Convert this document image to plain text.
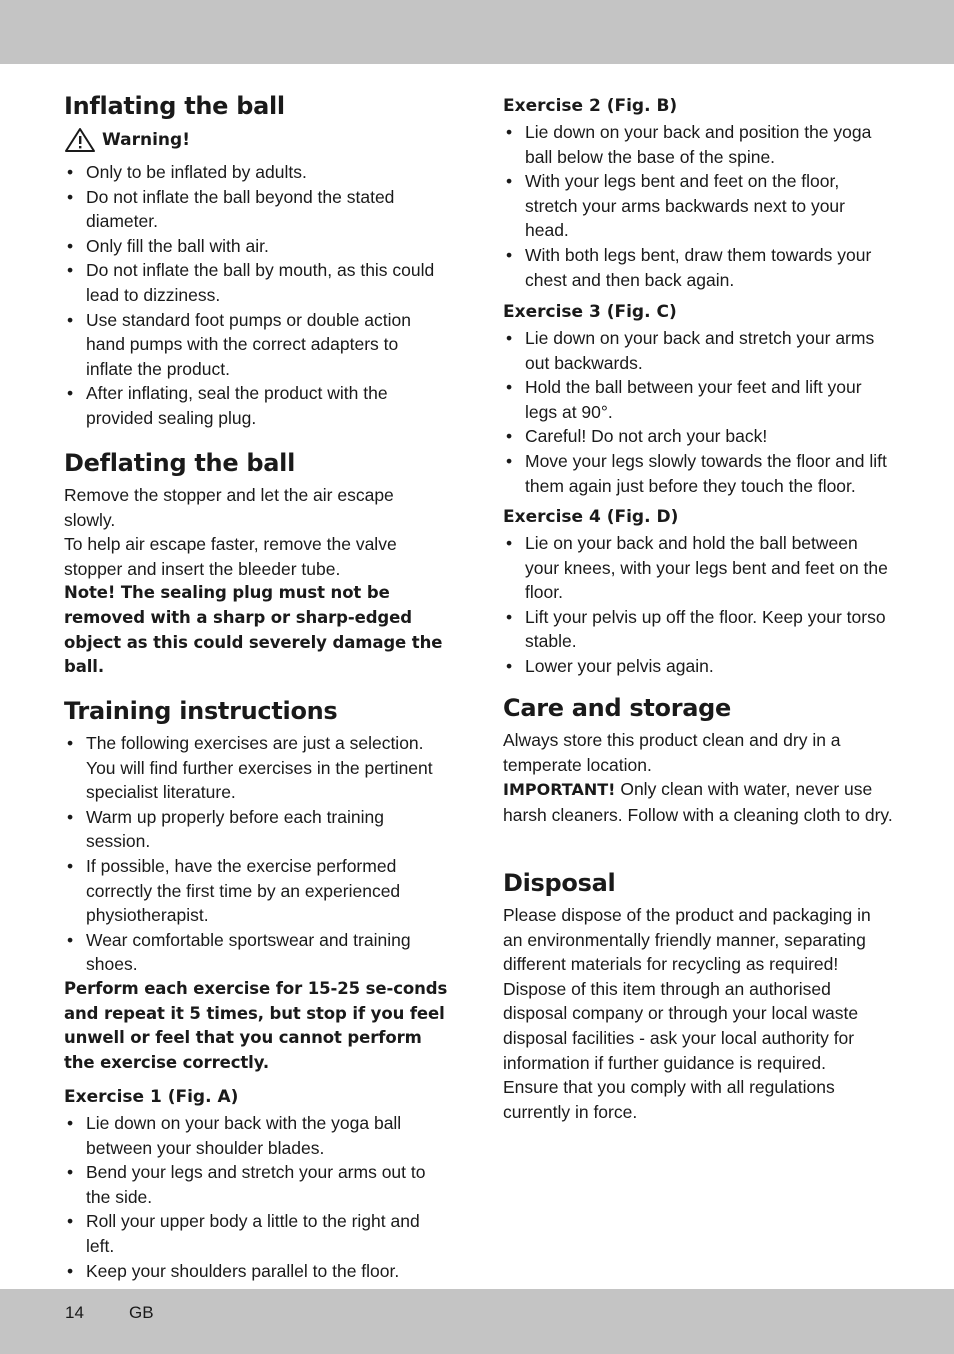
Inflating the ball
Warning!
• Only to be inflated by adults.
• Do not inflate the ball beyond the stated diameter.
• Only fill the ball with air.
• Do not inflate the ball by mouth, as this could lead to dizziness.
• Use standard foot pumps or double action hand pumps with the correct adapters to inflate the product.
• After inflating, seal the product with the provided sealing plug.
Deflating the ball

Remove the stopper and let the air escape slowly.

To help air escape faster, remove the valve stopper and insert the bleeder tube.

Note! The sealing plug must not be removed with a sharp or sharp-edged object as this could severely damage the ball.

Training instructions
• The following exercises are just a selection. You will find further exercises in the pertinent specialist literature.
• Warm up properly before each training session.
• If possible, have the exercise performed correctly the first time by an experienced physiotherapist.
• Wear comfortable sportswear and training shoes.

Perform each exercise for 15-25 se-conds and repeat it 5 times, but stop if you feel unwell or feel that you cannot perform the exercise correctly.

Exercise 1 (Fig. A)
• Lie down on your back with the yoga ball between your shoulder blades.
• Bend your legs and stretch your arms out to the side.
• Roll your upper body a little to the right and left.
• Keep your shoulders parallel to the floor.
Exercise 2 (Fig. B)
• Lie down on your back and position the yoga ball below the base of the spine.
• With your legs bent and feet on the floor, stretch your arms backwards next to your head.
• With both legs bent, draw them towards your chest and then back again.
Exercise 3 (Fig. C)
• Lie down on your back and stretch your arms out backwards.
• Hold the ball between your feet and lift your legs at 90°.
• Careful! Do not arch your back!
• Move your legs slowly towards the floor and lift them again just before they touch the floor.
Exercise 4 (Fig. D)
• Lie on your back and hold the ball between your knees, with your legs bent and feet on the floor.
• Lift your pelvis up off the floor. Keep your torso stable.
• Lower your pelvis again.
Care and storage

Always store this product clean and dry in a temperate location.

IMPORTANT! Only clean with water, never use harsh cleaners. Follow with a cleaning cloth to dry.

Disposal

Please dispose of the product and packaging in an environmentally friendly manner, separating different materials for recycling as required!

Dispose of this item through an authorised disposal company or through your local waste disposal facilities - ask your local authority for information if further guidance is required.

Ensure that you comply with all regulations currently in force.

14	GB
